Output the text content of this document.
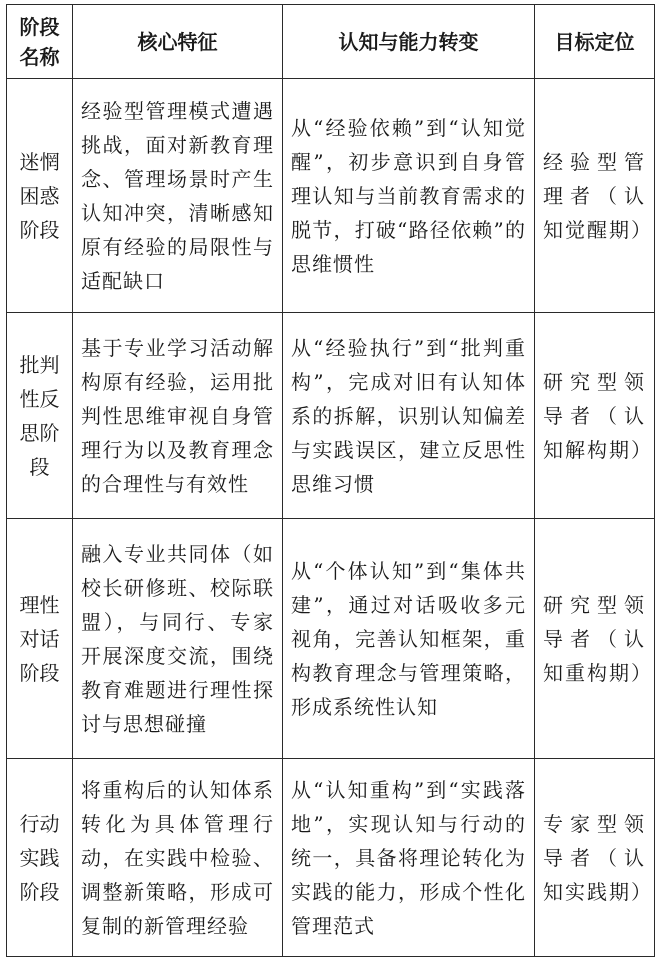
阶段名称	核心特征	认知与能力转变	目标定位
迷惘困惑阶段	经验型管理模式遭遇挑战，面对新教育理念、管理场景时产生认知冲突，清晰感知原有经验的局限性与适配缺口	从“经验依赖”到“认知觉醒”，初步意识到自身管理认知与当前教育需求的脱节，打破“路径依赖”的思维惯性	经验型管理者（认知觉醒期）
批判性反思阶段	基于专业学习活动解构原有经验，运用批判性思维审视自身管理行为以及教育理念的合理性与有效性	从“经验执行”到“批判重构”，完成对旧有认知体系的拆解，识别认知偏差与实践误区，建立反思性思维习惯	研究型领导者（认知解构期）
理性对话阶段	融入专业共同体（如校长研修班、校际联盟），与同行、专家开展深度交流，围绕教育难题进行理性探讨与思想碰撞	从“个体认知”到“集体共建”，通过对话吸收多元视角，完善认知框架，重构教育理念与管理策略，形成系统性认知	研究型领导者（认知重构期）
行动实践阶段	将重构后的认知体系转化为具体管理行动，在实践中检验、调整新策略，形成可复制的新管理经验	从“认知重构”到“实践落地”，实现认知与行动的统一，具备将理论转化为实践的能力，形成个性化管理范式	专家型领导者（认知实践期）
